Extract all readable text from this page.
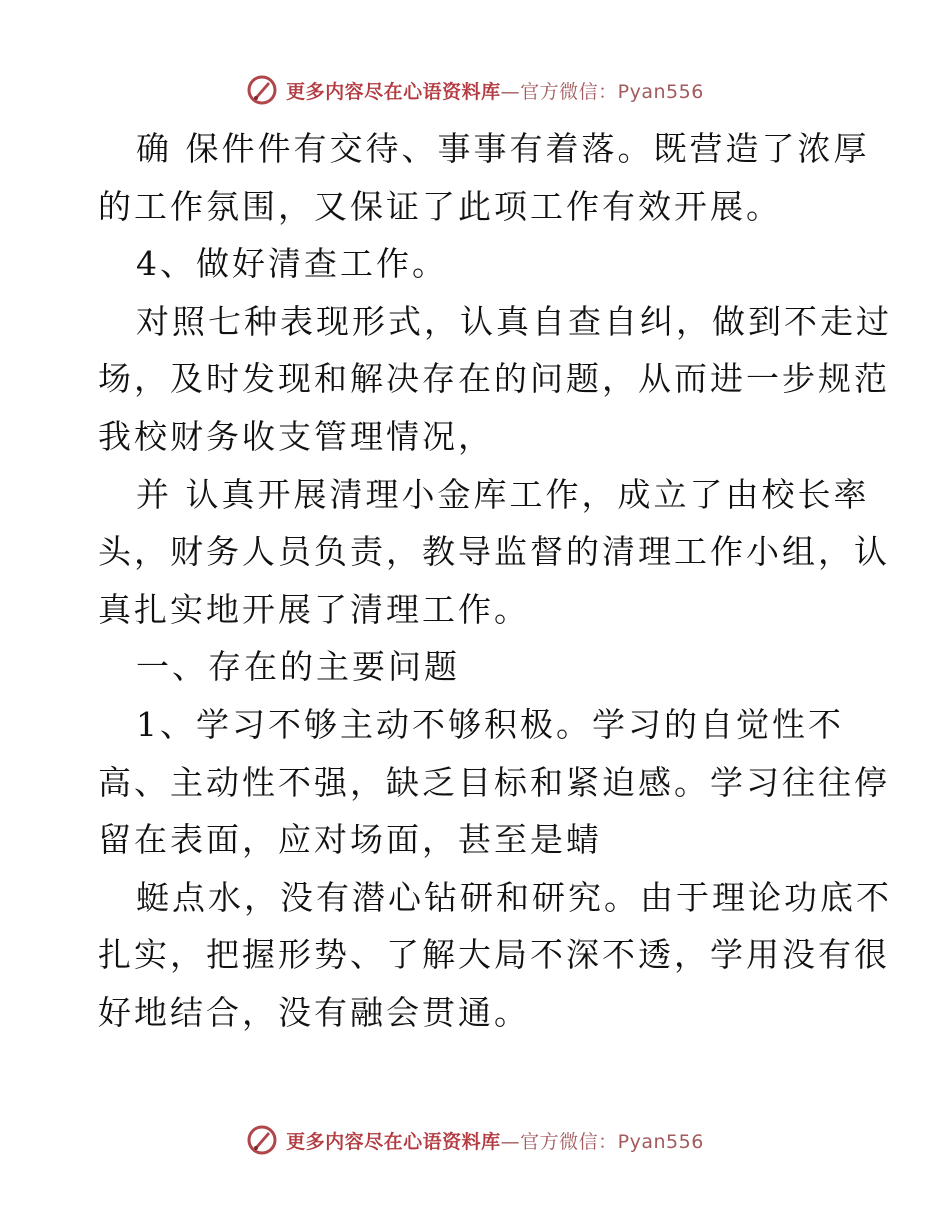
更多内容尽在心语资料库—官方微信：Pyan556
确 保件件有交待、事事有着落。既营造了浓厚
的工作氛围，又保证了此项工作有效开展。
4、做好清查工作。
对照七种表现形式，认真自查自纠，做到不走过
场，及时发现和解决存在的问题，从而进一步规范
我校财务收支管理情况，
并 认真开展清理小金库工作，成立了由校长率
头，财务人员负责，教导监督的清理工作小组，认
真扎实地开展了清理工作。
一、存在的主要问题
1、学习不够主动不够积极。学习的自觉性不
高、主动性不强，缺乏目标和紧迫感。学习往往停
留在表面，应对场面，甚至是蜻
蜓点水，没有潜心钻研和研究。由于理论功底不
扎实，把握形势、了解大局不深不透，学用没有很
好地结合，没有融会贯通。
更多内容尽在心语资料库—官方微信：Pyan556
